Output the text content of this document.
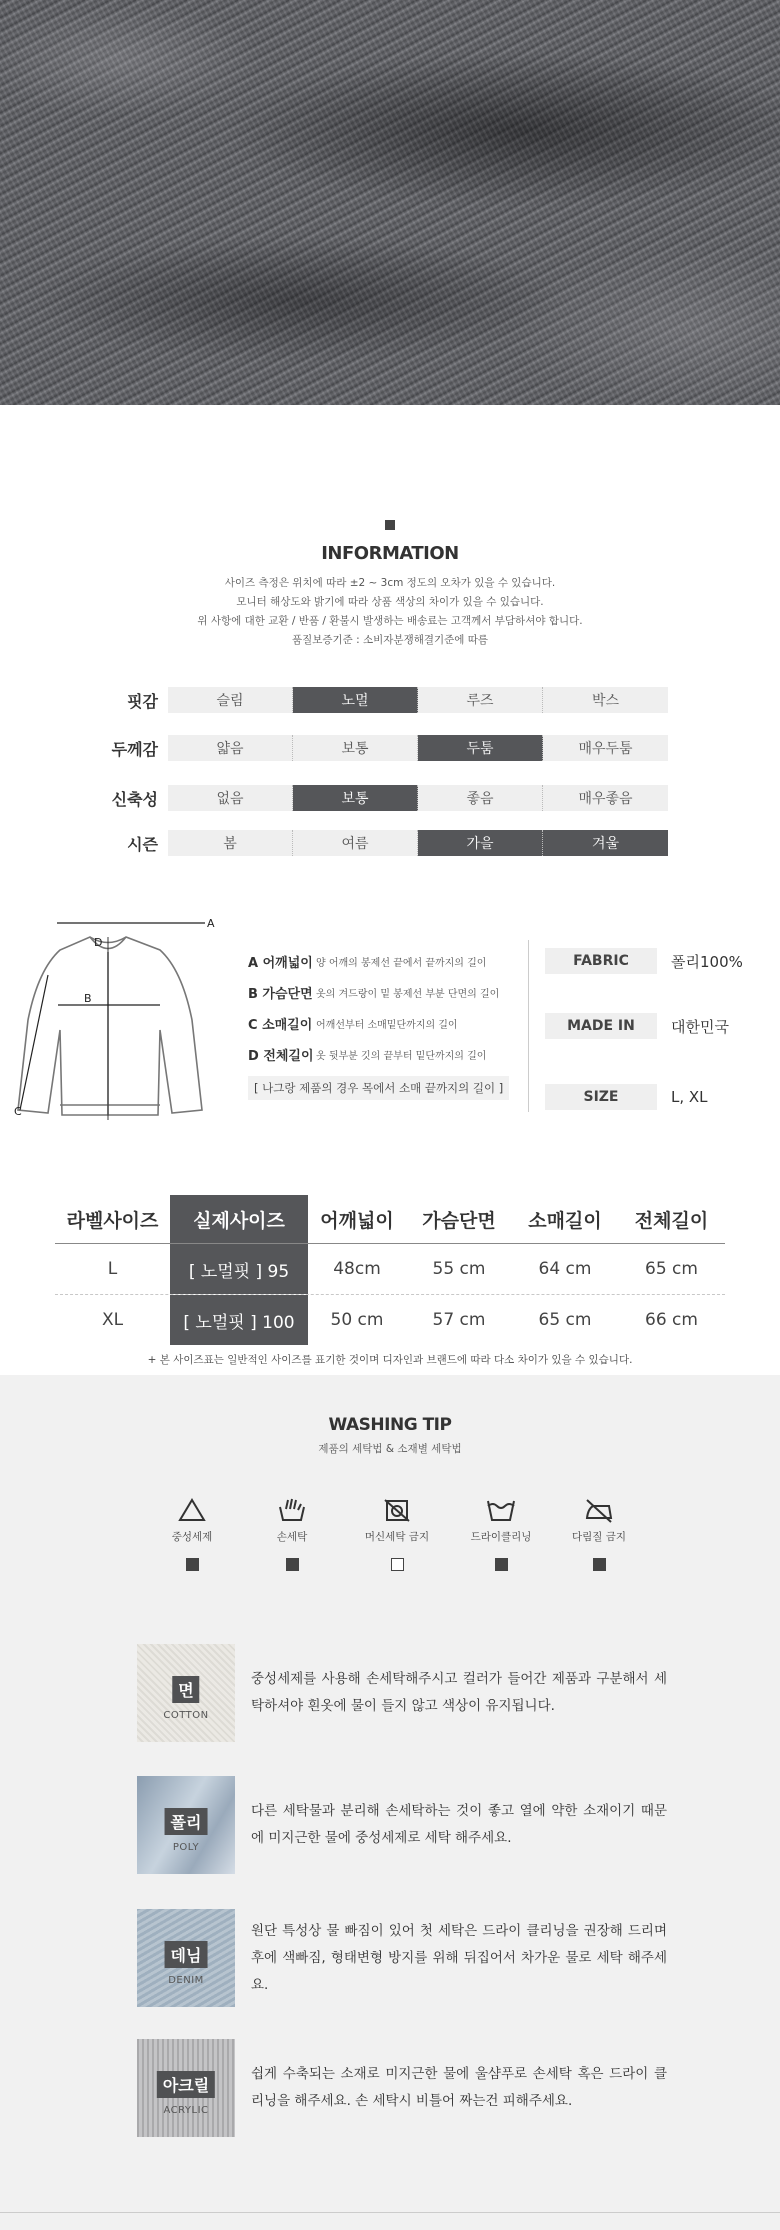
INFORMATION
사이즈 측정은 위치에 따라 ±2 ~ 3cm 정도의 오차가 있을 수 있습니다.
모니터 해상도와 밝기에 따라 상품 색상의 차이가 있을 수 있습니다.
위 사항에 대한 교환 / 반품 / 환불시 발생하는 배송료는 고객께서 부담하셔야 합니다.
품질보증기준 : 소비자분쟁해결기준에 따름
핏감	슬림	노멀	루즈	박스
두께감	얇음	보통	두툼	매우두툼
신축성	없음	보통	좋음	매우좋음
시즌	봄	여름	가을	겨울
A
D
B
C
A 어깨넓이 양 어깨의 봉제선 끝에서 끝까지의 길이
B 가슴단면 옷의 겨드랑이 밑 봉제선 부분 단면의 길이
C 소매길이 어깨선부터 소매밑단까지의 길이
D 전체길이 옷 뒷부분 깃의 끝부터 밑단까지의 길이
[ 나그랑 제품의 경우 목에서 소매 끝까지의 길이 ]
FABRIC	폴리100%
MADE IN	대한민국
SIZE	L, XL
라벨사이즈	실제사이즈	어깨넓이	가슴단면	소매길이	전체길이
L	[ 노멀핏 ] 95	48cm	55 cm	64 cm	65 cm
XL	[ 노멀핏 ] 100	50 cm	57 cm	65 cm	66 cm
+ 본 사이즈표는 일반적인 사이즈를 표기한 것이며 디자인과 브랜드에 따라 다소 차이가 있을 수 있습니다.
WASHING TIP
제품의 세탁법 & 소재별 세탁법
중성세제	손세탁	머신세탁 금지	드라이클리닝	다림질 금지
면
COTTON
중성세제를 사용해 손세탁해주시고 컬러가 들어간 제품과 구분해서 세탁하셔야 흰옷에 물이 들지 않고 색상이 유지됩니다.
폴리
POLY
다른 세탁물과 분리해 손세탁하는 것이 좋고 열에 약한 소재이기 때문에 미지근한 물에 중성세제로 세탁 해주세요.
데님
DENIM
원단 특성상 물 빠짐이 있어 첫 세탁은 드라이 클리닝을 권장해 드리며 후에 색빠짐, 형태변형 방지를 위해 뒤집어서 차가운 물로 세탁 해주세요.
아크릴
ACRYLIC
쉽게 수축되는 소재로 미지근한 물에 울샴푸로 손세탁 혹은 드라이 클리닝을 해주세요. 손 세탁시 비틀어 짜는건 피해주세요.
